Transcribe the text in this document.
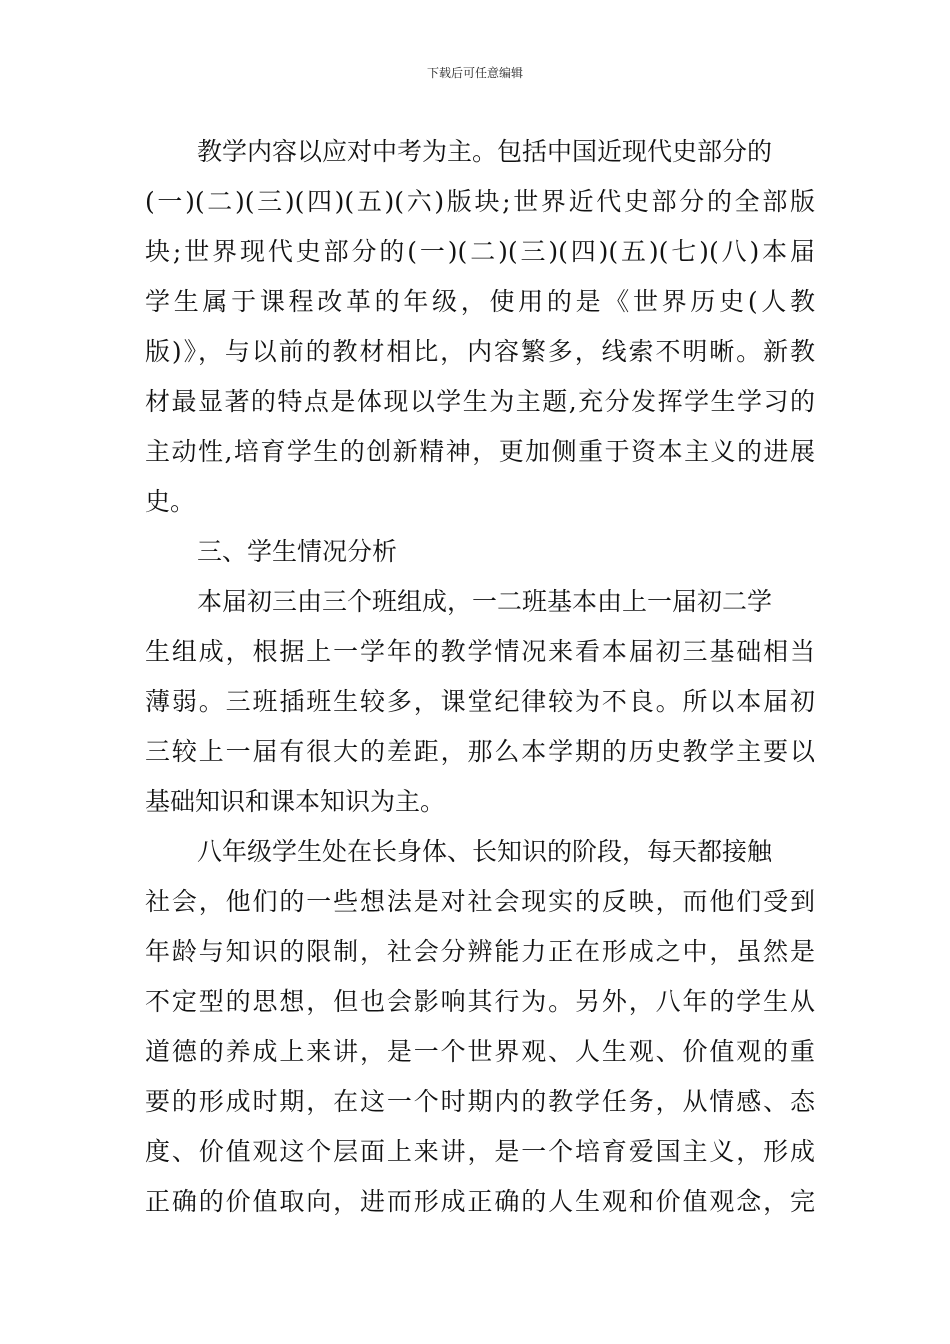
下载后可任意编辑
教学内容以应对中考为主。包括中国近现代史部分的
(一)(二)(三)(四)(五)(六)版块;世界近代史部分的全部版
块;世界现代史部分的(一)(二)(三)(四)(五)(七)(八)本届
学生属于课程改革的年级，使用的是《世界历史(人教
版)》，与以前的教材相比，内容繁多，线索不明晰。新教
材最显著的特点是体现以学生为主题,充分发挥学生学习的
主动性,培育学生的创新精神，更加侧重于资本主义的进展
史。
三、学生情况分析
本届初三由三个班组成，一二班基本由上一届初二学
生组成，根据上一学年的教学情况来看本届初三基础相当
薄弱。三班插班生较多，课堂纪律较为不良。所以本届初
三较上一届有很大的差距，那么本学期的历史教学主要以
基础知识和课本知识为主。
八年级学生处在长身体、长知识的阶段，每天都接触
社会，他们的一些想法是对社会现实的反映，而他们受到
年龄与知识的限制，社会分辨能力正在形成之中，虽然是
不定型的思想，但也会影响其行为。另外，八年的学生从
道德的养成上来讲，是一个世界观、人生观、价值观的重
要的形成时期，在这一个时期内的教学任务，从情感、态
度、价值观这个层面上来讲，是一个培育爱国主义，形成
正确的价值取向，进而形成正确的人生观和价值观念，完
